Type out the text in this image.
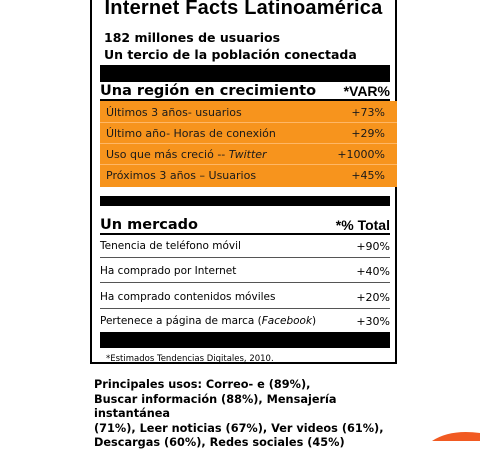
Internet Facts Latinoamérica
182 millones de usuarios
Un tercio de la población conectada
Una región en crecimiento *VAR%
Últimos 3 años- usuarios	+73%
Último año- Horas de conexión	+29%
Uso que más creció -- Twitter	+1000%
Próximos 3 años – Usuarios	+45%
Un mercado	*% Total
Tenencia de teléfono móvil	+90%
Ha comprado por Internet	+40%
Ha comprado contenidos móviles	+20%
Pertenece a página de marca (Facebook)	+30%
*Estimados Tendencias Digitales, 2010.
Principales usos: Correo- e (89%),
Buscar información (88%), Mensajería instantánea
(71%), Leer noticias (67%), Ver videos (61%),
Descargas (60%), Redes sociales (45%)
